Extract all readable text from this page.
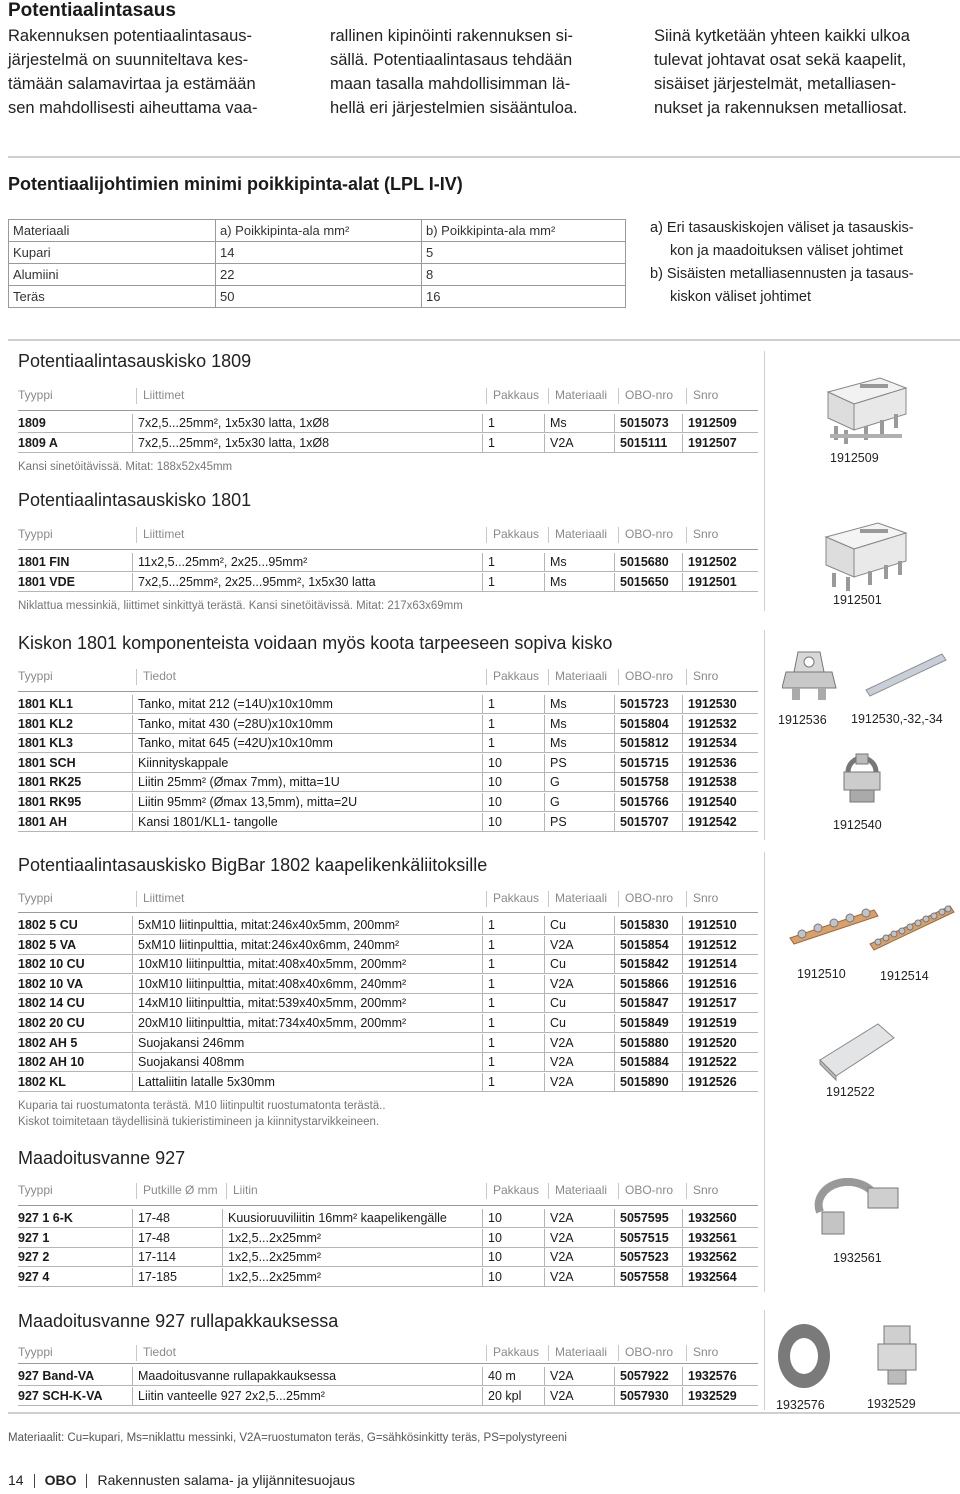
Potentiaalintasaus
Rakennuksen potentiaalintasaus-
järjestelmä on suunniteltava kes-
tämään salamavirtaa ja estämään
sen mahdollisesti aiheuttama vaa-
rallinen kipinöinti rakennuksen si-
sällä. Potentiaalintasaus tehdään
maan tasalla mahdollisimman lä-
hellä eri järjestelmien sisääntuloa.
Siinä kytketään yhteen kaikki ulkoa
tulevat johtavat osat sekä kaapelit,
sisäiset järjestelmät, metalliasen-
nukset ja rakennuksen metalliosat.
Potentiaalijohtimien minimi poikkipinta-alat (LPL I-IV)
Materiaali	a) Poikkipinta-ala mm²	b) Poikkipinta-ala mm²
Kupari	14	5
Alumiini	22	8
Teräs	50	16
a) Eri tasauskiskojen väliset ja tasauskis-
kon ja maadoituksen väliset johtimet
b) Sisäisten metalliasennusten ja tasaus-
kiskon väliset johtimet
Potentiaalintasauskisko 1809
Tyyppi	Liittimet	Pakkaus	Materiaali	OBO-nro	Snro
1809	7x2,5...25mm², 1x5x30 latta, 1xØ8	1	Ms	5015073 1912509
1809 A	7x2,5...25mm², 1x5x30 latta, 1xØ8	1	V2A	5015111 1912507
Kansi sinetöitävissä. Mitat: 188x52x45mm
Potentiaalintasauskisko 1801
Tyyppi	Liittimet	Pakkaus	Materiaali	OBO-nro	Snro
1801 FIN	11x2,5...25mm², 2x25...95mm²	1	Ms	5015680 1912502
1801 VDE	7x2,5...25mm², 2x25...95mm², 1x5x30 latta	1	Ms	5015650 1912501
Niklattua messinkiä, liittimet sinkittyä terästä. Kansi sinetöitävissä. Mitat: 217x63x69mm
Kiskon 1801 komponenteista voidaan myös koota tarpeeseen sopiva kisko
Tyyppi	Tiedot	Pakkaus	Materiaali	OBO-nro	Snro
1801 KL1	Tanko, mitat 212 (=14U)x10x10mm	1	Ms	5015723 1912530
1801 KL2	Tanko, mitat 430 (=28U)x10x10mm	1	Ms	5015804 1912532
1801 KL3	Tanko, mitat 645 (=42U)x10x10mm	1	Ms	5015812 1912534
1801 SCH	Kiinnityskappale	10	PS	5015715 1912536
1801 RK25	Liitin 25mm² (Ømax 7mm), mitta=1U	10	G	5015758 1912538
1801 RK95	Liitin 95mm² (Ømax 13,5mm), mitta=2U	10	G	5015766 1912540
1801 AH	Kansi 1801/KL1- tangolle	10	PS	5015707 1912542
Potentiaalintasauskisko BigBar 1802 kaapelikenkäliitoksille
Tyyppi	Liittimet	Pakkaus	Materiaali	OBO-nro	Snro
1802 5 CU	5xM10 liitinpulttia, mitat:246x40x5mm, 200mm²	1	Cu	5015830 1912510
1802 5 VA	5xM10 liitinpulttia, mitat:246x40x6mm, 240mm²	1	V2A	5015854 1912512
1802 10 CU	10xM10 liitinpulttia, mitat:408x40x5mm, 200mm²	1	Cu	5015842 1912514
1802 10 VA	10xM10 liitinpulttia, mitat:408x40x6mm, 240mm²	1	V2A	5015866 1912516
1802 14 CU	14xM10 liitinpulttia, mitat:539x40x5mm, 200mm²	1	Cu	5015847 1912517
1802 20 CU	20xM10 liitinpulttia, mitat:734x40x5mm, 200mm²	1	Cu	5015849 1912519
1802 AH 5	Suojakansi 246mm	1	V2A	5015880 1912520
1802 AH 10	Suojakansi 408mm	1	V2A	5015884 1912522
1802 KL	Lattaliitin latalle 5x30mm	1	V2A	5015890 1912526
Kuparia tai ruostumatonta terästä. M10 liitinpultit ruostumatonta terästä..
Kiskot toimitetaan täydellisinä tukieristimineen ja kiinnitystarvikkeineen.
Maadoitusvanne 927
Tyyppi	Putkille Ø mm	Liitin	Pakkaus	Materiaali	OBO-nro	Snro
927 1 6-K	17-48	Kuusioruuviliitin 16mm² kaapelikengälle	10	V2A	5057595 1932560
927 1	17-48	1x2,5...2x25mm²	10	V2A	5057515 1932561
927 2	17-114	1x2,5...2x25mm²	10	V2A	5057523 1932562
927 4	17-185	1x2,5...2x25mm²	10	V2A	5057558 1932564
Maadoitusvanne 927 rullapakkauksessa
Tyyppi	Tiedot	Pakkaus	Materiaali	OBO-nro	Snro
927 Band-VA	Maadoitusvanne rullapakkauksessa	40 m	V2A	5057922 1932576
927 SCH-K-VA	Liitin vanteelle 927 2x2,5...25mm²	20 kpl V2A	5057930 1932529
1912509
1912501
1912536 1912530,-32,-34
1912540
1912510	1912514
1912522
1932561
1932576	1932529
Materiaalit: Cu=kupari, Ms=niklattu messinki, V2A=ruostumaton teräs, G=sähkösinkitty teräs, PS=polystyreeni
14 OBO Rakennusten salama- ja ylijännitesuojaus
